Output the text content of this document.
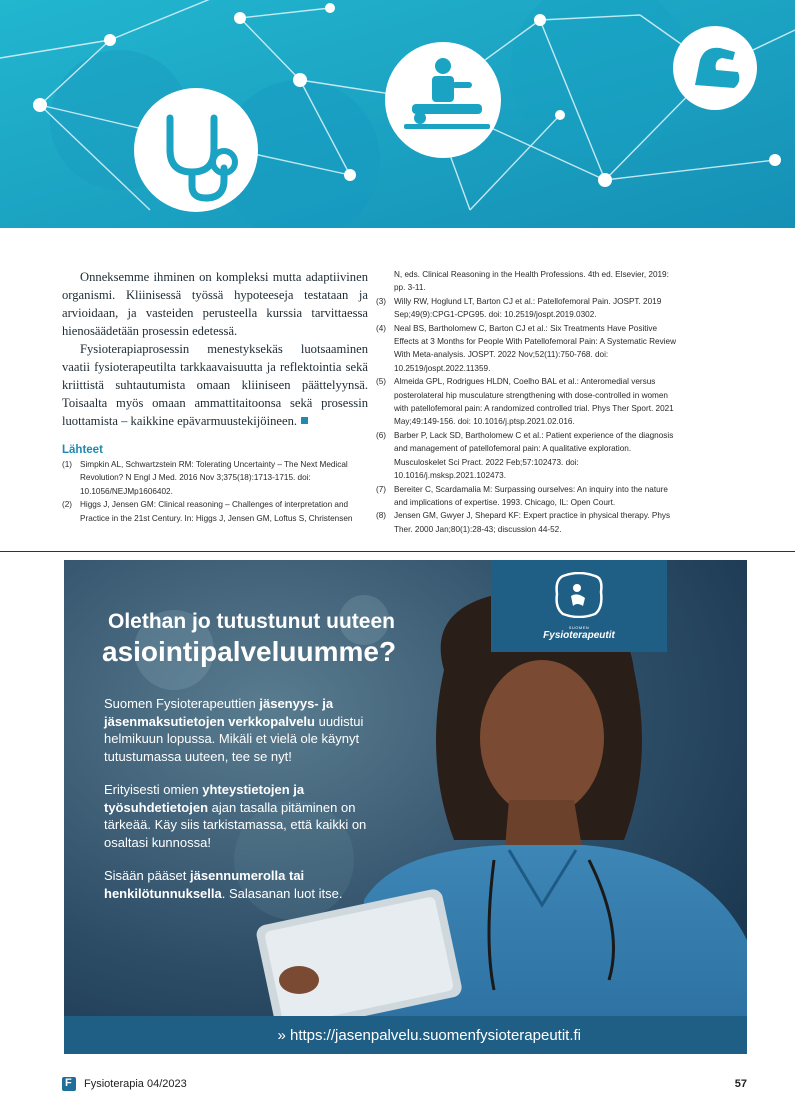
Onneksemme ihminen on kompleksi mutta adaptiivinen organismi. Kliinisessä työssä hypoteeseja testataan ja arvioidaan, ja vasteiden perusteella kurssia tarvittaessa hienosäädetään prosessin edetessä.

Fysioterapiaprosessin menestyksekäs luotsaaminen vaatii fysioterapeutilta tarkkaavaisuutta ja reflektointia sekä kriittistä suhtautumista omaan kliiniseen päättelyynsä. Toisaalta myös omaan ammattitaitoonsa sekä prosessin luottamista – kaikkine epävarmuustekijöineen.

Lähteet
(1) Simpkin AL, Schwartzstein RM: Tolerating Uncertainty – The Next Medical Revolution? N Engl J Med. 2016 Nov 3;375(18):1713-1715. doi: 10.1056/NEJMp1606402.
(2) Higgs J, Jensen GM: Clinical reasoning – Challenges of interpretation and Practice in the 21st Century. In: Higgs J, Jensen GM, Loftus S, Christensen
N, eds. Clinical Reasoning in the Health Professions. 4th ed. Elsevier, 2019: pp. 3-11.
(3) Willy RW, Hoglund LT, Barton CJ et al.: Patellofemoral Pain. JOSPT. 2019 Sep;49(9):CPG1-CPG95. doi: 10.2519/jospt.2019.0302.
(4) Neal BS, Bartholomew C, Barton CJ et al.: Six Treatments Have Positive Effects at 3 Months for People With Patellofemoral Pain: A Systematic Review With Meta-analysis. JOSPT. 2022 Nov;52(11):750-768. doi: 10.2519/jospt.2022.11359.
(5) Almeida GPL, Rodrigues HLDN, Coelho BAL et al.: Anteromedial versus posterolateral hip musculature strengthening with dose-controlled in women with patellofemoral pain: A randomized controlled trial. Phys Ther Sport. 2021 May;49:149-156. doi: 10.1016/j.ptsp.2021.02.016.
(6) Barber P, Lack SD, Bartholomew C et al.: Patient experience of the diagnosis and management of patellofemoral pain: A qualitative exploration. Musculoskelet Sci Pract. 2022 Feb;57:102473. doi: 10.1016/j.msksp.2021.102473.
(7) Bereiter C, Scardamalia M: Surpassing ourselves: An inquiry into the nature and implications of expertise. 1993. Chicago, IL: Open Court.
(8) Jensen GM, Gwyer J, Shepard KF: Expert practice in physical therapy. Phys Ther. 2000 Jan;80(1):28-43; discussion 44-52.
SUOMEN
Fysioterapeutit
Olethan jo tutustunut uuteen
asiointipalveluumme?

Suomen Fysioterapeuttien jäsenyys- ja jäsenmaksutietojen verkkopalvelu uudistui helmikuun lopussa. Mikäli et vielä ole käynyt tutustumassa uuteen, tee se nyt!

Erityisesti omien yhteystietojen ja työsuhdetietojen ajan tasalla pitäminen on tärkeää. Käy siis tarkistamassa, että kaikki on osaltasi kunnossa!

Sisään pääset jäsennumerolla tai henkilötunnuksella. Salasanan luot itse.

» https://jasenpalvelu.suomenfysioterapeutit.fi
F Fysioterapia 04/2023	57
